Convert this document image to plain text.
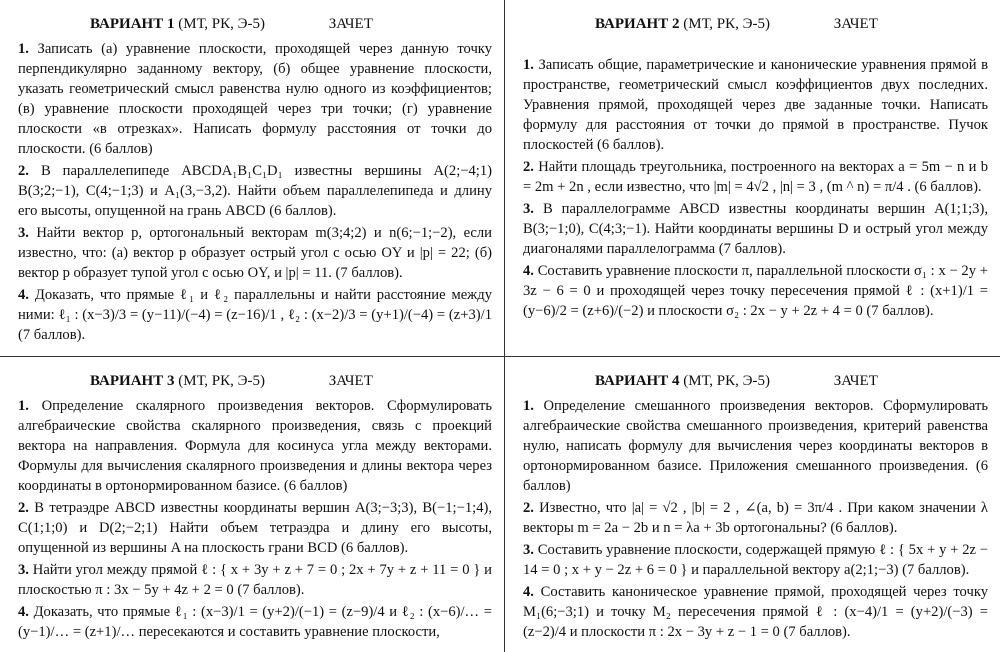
ВАРИАНТ 1 (МТ, РК, Э-5)	ЗАЧЕТ

1. Записать (а) уравнение плоскости, проходящей через данную точку перпендикулярно заданному вектору, (б) общее уравнение плоскости, указать геометрический смысл равенства нулю одного из коэффициентов; (в) уравнение плоскости проходящей через три точки; (г) уравнение плоскости «в отрезках». Написать формулу расстояния от точки до плоскости. (6 баллов)

2. В параллелепипеде ABCDA₁B₁C₁D₁ известны вершины A(2;−4;1) B(3;2;−1), C(4;−1;3) и A₁(3,−3,2). Найти объем параллелепипеда и длину его высоты, опущенной на грань ABCD (6 баллов).

3. Найти вектор p, ортогональный векторам m(3;4;2) и n(6;−1;−2), если известно, что: (а) вектор p образует острый угол с осью OY и |p| = 22; (б) вектор p образует тупой угол с осью OY, и |p| = 11. (7 баллов).

4. Доказать, что прямые ℓ₁ и ℓ₂ параллельны и найти расстояние между ними: ℓ₁ : (x−3)/3 = (y−11)/(−4) = (z−16)/1 , ℓ₂ : (x−2)/3 = (y+1)/(−4) = (z+3)/1 (7 баллов).

ВАРИАНТ 2 (МТ, РК, Э-5)	ЗАЧЕТ

1. Записать общие, параметрические и канонические уравнения прямой в пространстве, геометрический смысл коэффициентов двух последних. Уравнения прямой, проходящей через две заданные точки. Написать формулу для расстояния от точки до прямой в пространстве. Пучок плоскостей (6 баллов).

2. Найти площадь треугольника, построенного на векторах a = 5m − n и b = 2m + 2n , если известно, что |m| = 4√2 , |n| = 3 , (m ^ n) = π/4 . (6 баллов).

3. В параллелограмме ABCD известны координаты вершин A(1;1;3), B(3;−1;0), C(4;3;−1). Найти координаты вершины D и острый угол между диагоналями параллелограмма (7 баллов).

4. Составить уравнение плоскости π, параллельной плоскости σ₁ : x − 2y + 3z − 6 = 0 и проходящей через точку пересечения прямой ℓ : (x+1)/1 = (y−6)/2 = (z+6)/(−2) и плоскости σ₂ : 2x − y + 2z + 4 = 0 (7 баллов).

ВАРИАНТ 3 (МТ, РК, Э-5)	ЗАЧЕТ

1. Определение скалярного произведения векторов. Сформулировать алгебраические свойства скалярного произведения, связь с проекций вектора на направления. Формула для косинуса угла между векторами. Формулы для вычисления скалярного произведения и длины вектора через координаты в ортонормированном базисе. (6 баллов)

2. В тетраэдре ABCD известны координаты вершин A(3;−3;3), B(−1;−1;4), C(1;1;0) и D(2;−2;1) Найти объем тетраэдра и длину его высоты, опущенной из вершины A на плоскость грани BCD (6 баллов).

3. Найти угол между прямой ℓ : { x + 3y + z + 7 = 0 ; 2x + 7y + z + 11 = 0 } и плоскостью π : 3x − 5y + 4z + 2 = 0 (7 баллов).

4. Доказать, что прямые ℓ₁ : (x−3)/1 = (y+2)/(−1) = (z−9)/4 и ℓ₂ : (x−6)/… = (y−1)/… = (z+1)/… пересекаются и составить уравнение плоскости,

ВАРИАНТ 4 (МТ, РК, Э-5)	ЗАЧЕТ

1. Определение смешанного произведения векторов. Сформулировать алгебраические свойства смешанного произведения, критерий равенства нулю, написать формулу для вычисления через координаты векторов в ортонормированном базисе. Приложения смешанного произведения. (6 баллов)

2. Известно, что |a| = √2 , |b| = 2 , ∠(a, b) = 3π/4 . При каком значении λ векторы m = 2a − 2b и n = λa + 3b ортогональны? (6 баллов).

3. Составить уравнение плоскости, содержащей прямую ℓ : { 5x + y + 2z − 14 = 0 ; x + y − 2z + 6 = 0 } и параллельной вектору a(2;1;−3) (7 баллов).

4. Составить каноническое уравнение прямой, проходящей через точку M₁(6;−3;1) и точку M₂ пересечения прямой ℓ : (x−4)/1 = (y+2)/(−3) = (z−2)/4 и плоскости π : 2x − 3y + z − 1 = 0 (7 баллов).
